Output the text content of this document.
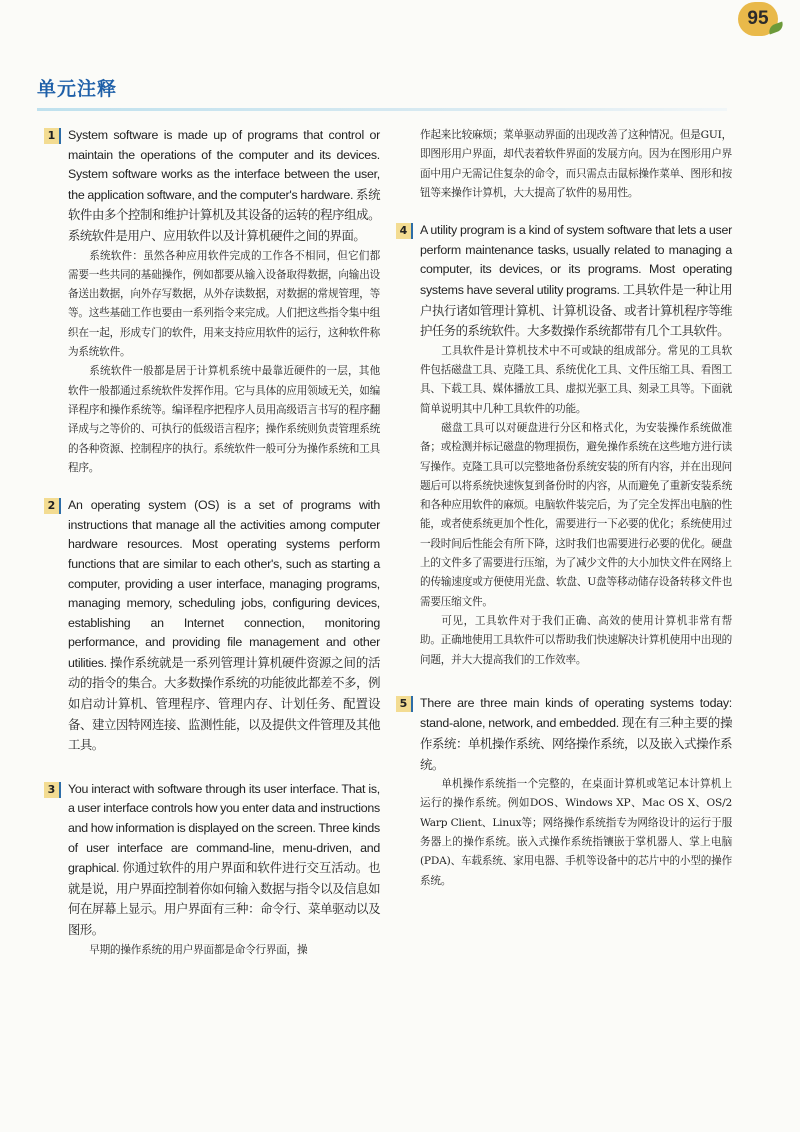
95
单元注释
1	System software is made up of programs that control or maintain the operations of the computer and its devices. System software works as the interface between the user, the application software, and the computer's hardware. 系统软件由多个控制和维护计算机及其设备的运转的程序组成。系统软件是用户、应用软件以及计算机硬件之间的界面。

系统软件：虽然各种应用软件完成的工作各不相同，但它们都需要一些共同的基础操作，例如都要从输入设备取得数据，向输出设备送出数据，向外存写数据，从外存读数据，对数据的常规管理，等等。这些基础工作也要由一系列指令来完成。人们把这些指令集中组织在一起，形成专门的软件，用来支持应用软件的运行，这种软件称为系统软件。

系统软件一般都是居于计算机系统中最靠近硬件的一层，其他软件一般都通过系统软件发挥作用。它与具体的应用领域无关，如编译程序和操作系统等。编译程序把程序人员用高级语言书写的程序翻译成与之等价的、可执行的低级语言程序；操作系统则负责管理系统的各种资源、控制程序的执行。系统软件一般可分为操作系统和工具程序。

2	An operating system (OS) is a set of programs with instructions that manage all the activities among computer hardware resources. Most operating systems perform functions that are similar to each other's, such as starting a computer, providing a user interface, managing programs, managing memory, scheduling jobs, configuring devices, establishing an Internet connection, monitoring performance, and providing file management and other utilities. 操作系统就是一系列管理计算机硬件资源之间的活动的指令的集合。大多数操作系统的功能彼此都差不多，例如启动计算机、管理程序、管理内存、计划任务、配置设备、建立因特网连接、监测性能，以及提供文件管理及其他工具。
3	You interact with software through its user interface. That is, a user interface controls how you enter data and instructions and how information is displayed on the screen. Three kinds of user interface are command-line, menu-driven, and graphical. 你通过软件的用户界面和软件进行交互活动。也就是说，用户界面控制着你如何输入数据与指令以及信息如何在屏幕上显示。用户界面有三种：命令行、菜单驱动以及图形。

早期的操作系统的用户界面都是命令行界面，操

作起来比较麻烦；菜单驱动界面的出现改善了这种情况。但是GUI，即图形用户界面，却代表着软件界面的发展方向。因为在图形用户界面中用户无需记住复杂的命令，而只需点击鼠标操作菜单、图形和按钮等来操作计算机，大大提高了软件的易用性。

4	A utility program is a kind of system software that lets a user perform maintenance tasks, usually related to managing a computer, its devices, or its programs. Most operating systems have several utility programs. 工具软件是一种让用户执行诸如管理计算机、计算机设备、或者计算机程序等维护任务的系统软件。大多数操作系统都带有几个工具软件。

工具软件是计算机技术中不可或缺的组成部分。常见的工具软件包括磁盘工具、克隆工具、系统优化工具、文件压缩工具、看图工具、下载工具、媒体播放工具、虚拟光驱工具、刻录工具等。下面就简单说明其中几种工具软件的功能。

磁盘工具可以对硬盘进行分区和格式化，为安装操作系统做准备；或检测并标记磁盘的物理损伤，避免操作系统在这些地方进行读写操作。克隆工具可以完整地备份系统安装的所有内容，并在出现问题后可以将系统快速恢复到备份时的内容，从而避免了重新安装系统和各种应用软件的麻烦。电脑软件装完后，为了完全发挥出电脑的性能，或者使系统更加个性化，需要进行一下必要的优化；系统使用过一段时间后性能会有所下降，这时我们也需要进行必要的优化。硬盘上的文件多了需要进行压缩，为了减少文件的大小加快文件在网络上的传输速度或方便使用光盘、软盘、U盘等移动储存设备转移文件也需要压缩文件。

可见，工具软件对于我们正确、高效的使用计算机非常有帮助。正确地使用工具软件可以帮助我们快速解决计算机使用中出现的问题，并大大提高我们的工作效率。

5	There are three main kinds of operating systems today: stand-alone, network, and embedded. 现在有三种主要的操作系统：单机操作系统、网络操作系统，以及嵌入式操作系统。

单机操作系统指一个完整的，在桌面计算机或笔记本计算机上运行的操作系统。例如DOS、Windows XP、Mac OS X、OS/2 Warp Client、Linux等；网络操作系统指专为网络设计的运行于服务器上的操作系统。嵌入式操作系统指镶嵌于掌机器人、掌上电脑(PDA)、车载系统、家用电器、手机等设备中的芯片中的小型的操作系统。
